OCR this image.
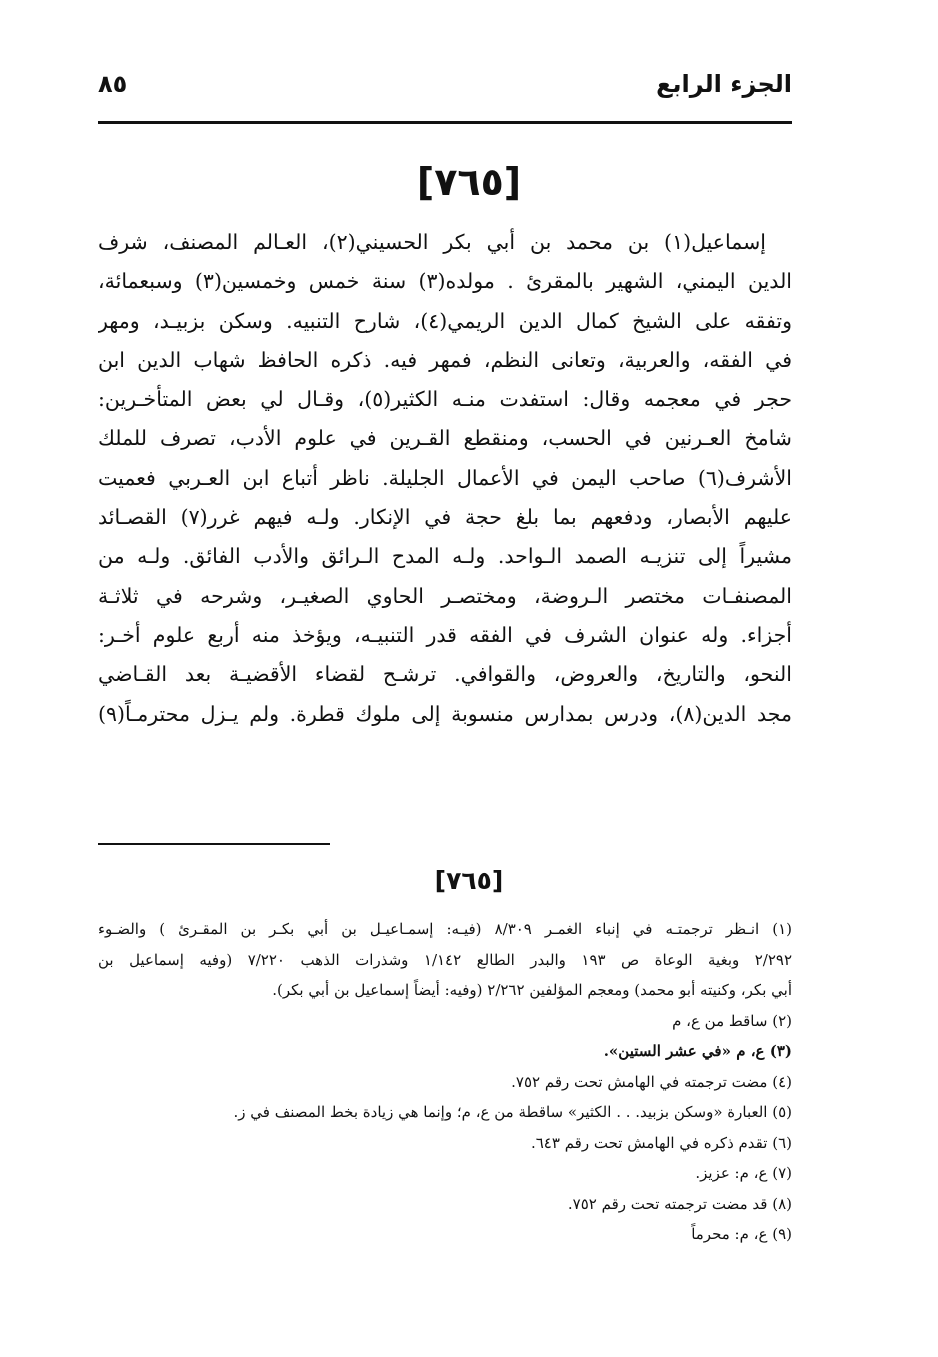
الجزء الرابع
٨٥
[٧٦٥]
إسماعيل(١) بن محمد بن أبي بكر الحسيني(٢)، العـالم المصنف، شرف
الدين اليمني، الشهير بالمقرئ . مولده(٣) سنة خمس وخمسين(٣) وسبعمائة،
وتفقه على الشيخ كمال الدين الريمي(٤)، شارح التنبيه. وسكن بزبيـد، ومهر
في الفقه، والعربية، وتعانى النظم، فمهر فيه. ذكره الحافظ شهاب الدين ابن
حجر في معجمه وقال: استفدت منـه الكثير(٥)، وقـال لي بعض المتأخـرين:
شامخ العـرنين في الحسب، ومنقطع القـرين في علوم الأدب، تصرف للملك
الأشرف(٦) صاحب اليمن في الأعمال الجليلة. ناظر أتباع ابن العـربي فعميت
عليهم الأبصار، ودفعهم بما بلغ حجة في الإنكار. ولـه فيهم غرر(٧) القصـائد
مشيراً إلى تنزيـه الصمد الـواحد. ولـه المدح الـرائق والأدب الفائق. ولـه من
المصنفـات مختصر الـروضة، ومختصـر الحاوي الصغيـر، وشرحه في ثلاثـة
أجزاء. وله عنوان الشرف في الفقه قدر التنبيـه، ويؤخذ منه أربع علوم أخـر:
النحو، والتاريخ، والعروض، والقوافي. ترشـح لقضاء الأقضيـة بعد القـاضي
مجد الدين(٨)، ودرس بمدارس منسوبة إلى ملوك قطرة. ولم يـزل محترمـاً(٩)
[٧٦٥]
(١) انـظر ترجمتـه في إنباء الغمـر ٨/٣٠٩ (فيـه: إسمـاعيـل بن أبي بكـر بن المقـرئ ) والضـوء
٢/٢٩٢ وبغية الوعاة ص ١٩٣ والبدر الطالع ١/١٤٢ وشذرات الذهب ٧/٢٢٠ (وفيه إسماعيل بن
أبي بكر، وكنيته أبو محمد) ومعجم المؤلفين ٢/٢٦٢ (وفيه: أيضاً إسماعيل بن أبي بكر).
(٢) ساقط من ع، م
(٣) ع، م «في عشر الستين».
(٤) مضت ترجمته في الهامش تحت رقم ٧٥٢.
(٥) العبارة «وسكن بزبيد. . . الكثير» ساقطة من ع، م؛ وإنما هي زيادة بخط المصنف في ز.
(٦) تقدم ذكره في الهامش تحت رقم ٦٤٣.
(٧) ع، م: عزيز.
(٨) قد مضت ترجمته تحت رقم ٧٥٢.
(٩) ع، م: محرماً
